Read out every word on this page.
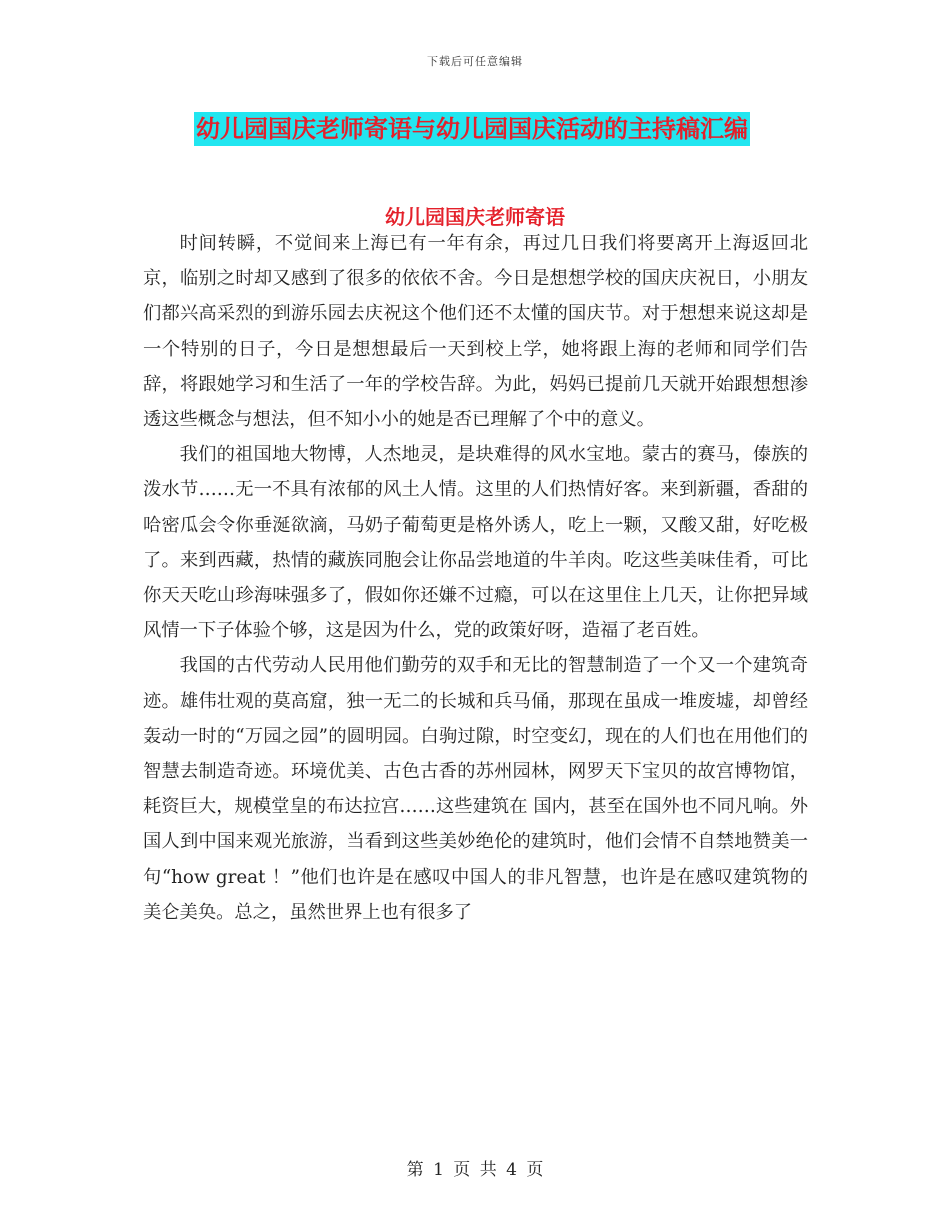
下载后可任意编辑
幼儿园国庆老师寄语与幼儿园国庆活动的主持稿汇编
幼儿园国庆老师寄语

时间转瞬，不觉间来上海已有一年有余，再过几日我们将要离开上海返回北京，临别之时却又感到了很多的依依不舍。今日是想想学校的国庆庆祝日，小朋友们都兴高采烈的到游乐园去庆祝这个他们还不太懂的国庆节。对于想想来说这却是一个特别的日子，今日是想想最后一天到校上学，她将跟上海的老师和同学们告辞，将跟她学习和生活了一年的学校告辞。为此，妈妈已提前几天就开始跟想想渗透这些概念与想法，但不知小小的她是否已理解了个中的意义。

我们的祖国地大物博，人杰地灵，是块难得的风水宝地。蒙古的赛马，傣族的泼水节……无一不具有浓郁的风土人情。这里的人们热情好客。来到新疆，香甜的哈密瓜会令你垂涎欲滴，马奶子葡萄更是格外诱人，吃上一颗，又酸又甜，好吃极了。来到西藏，热情的藏族同胞会让你品尝地道的牛羊肉。吃这些美味佳肴，可比你天天吃山珍海味强多了，假如你还嫌不过瘾，可以在这里住上几天，让你把异域风情一下子体验个够，这是因为什么，党的政策好呀，造福了老百姓。

我国的古代劳动人民用他们勤劳的双手和无比的智慧制造了一个又一个建筑奇迹。雄伟壮观的莫高窟，独一无二的长城和兵马俑，那现在虽成一堆废墟，却曾经轰动一时的“万园之园”的圆明园。白驹过隙，时空变幻，现在的人们也在用他们的智慧去制造奇迹。环境优美、古色古香的苏州园林，网罗天下宝贝的故宫博物馆，耗资巨大，规模堂皇的布达拉宫……这些建筑在 国内，甚至在国外也不同凡响。外国人到中国来观光旅游，当看到这些美妙绝伦的建筑时，他们会情不自禁地赞美一句“how great ！”他们也许是在感叹中国人的非凡智慧，也许是在感叹建筑物的美仑美奂。总之，虽然世界上也有很多了

第 1 页 共 4 页
